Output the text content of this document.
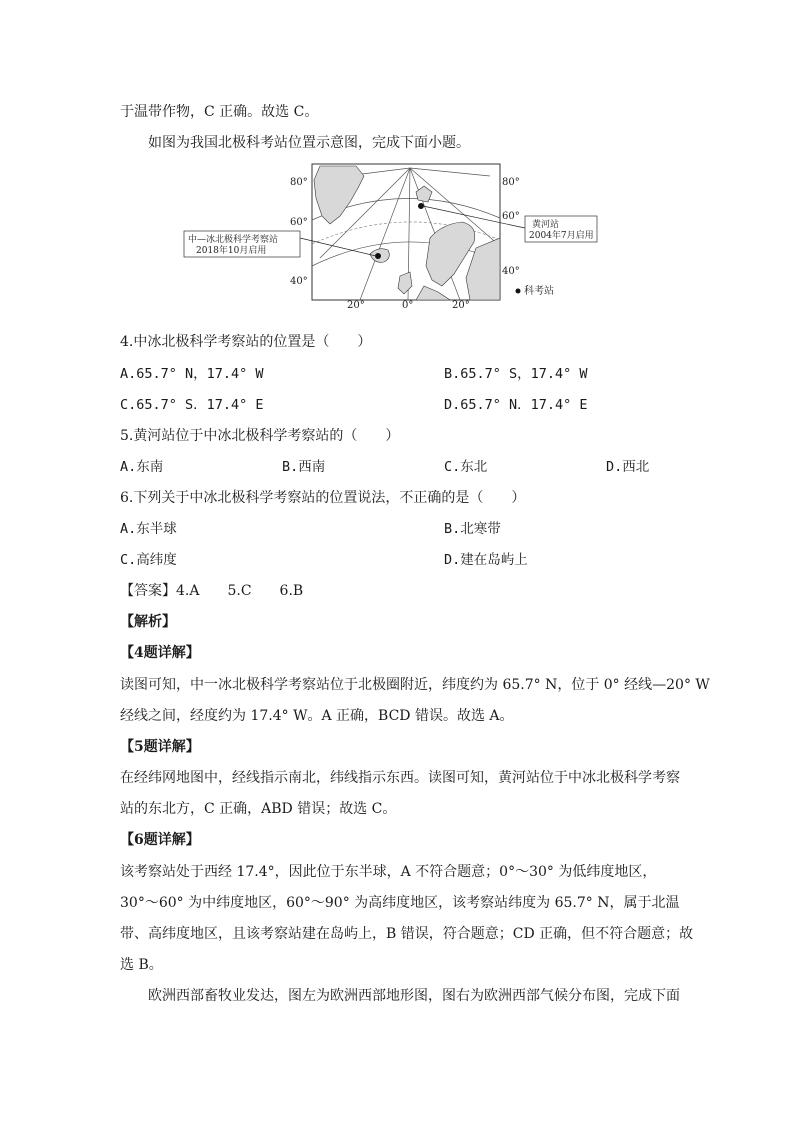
于温带作物，C 正确。故选 C。
如图为我国北极科考站位置示意图，完成下面小题。
中—冰北极科学考察站
2018年10月启用
黄河站
2004年7月启用
80°
60°
40°
80°
60°
40°
20°	0°	20°
科考站
4.中冰北极科学考察站的位置是（　　）
A.65.7° N，17.4° W	B.65.7° S，17.4° W
C.65.7° S．17.4° E	D.65.7° N．17.4° E
5.黄河站位于中冰北极科学考察站的（　　）
A.东南	B.西南	C.东北	D.西北
6.下列关于中冰北极科学考察站的位置说法，不正确的是（　　）
A.东半球	B.北寒带
C.高纬度	D.建在岛屿上
【答案】4.A　　5.C　　6.B
【解析】
【4题详解】
读图可知，中一冰北极科学考察站位于北极圈附近，纬度约为 65.7° N，位于 0° 经线—20° W
经线之间，经度约为 17.4° W。A 正确，BCD 错误。故选 A。
【5题详解】
在经纬网地图中，经线指示南北，纬线指示东西。读图可知，黄河站位于中冰北极科学考察
站的东北方，C 正确，ABD 错误；故选 C。
【6题详解】
该考察站处于西经 17.4°，因此位于东半球，A 不符合题意；0°～30° 为低纬度地区，
30°～60° 为中纬度地区，60°～90° 为高纬度地区，该考察站纬度为 65.7° N，属于北温
带、高纬度地区，且该考察站建在岛屿上，B 错误，符合题意；CD 正确，但不符合题意；故
选 B。
欧洲西部畜牧业发达，图左为欧洲西部地形图，图右为欧洲西部气候分布图，完成下面
